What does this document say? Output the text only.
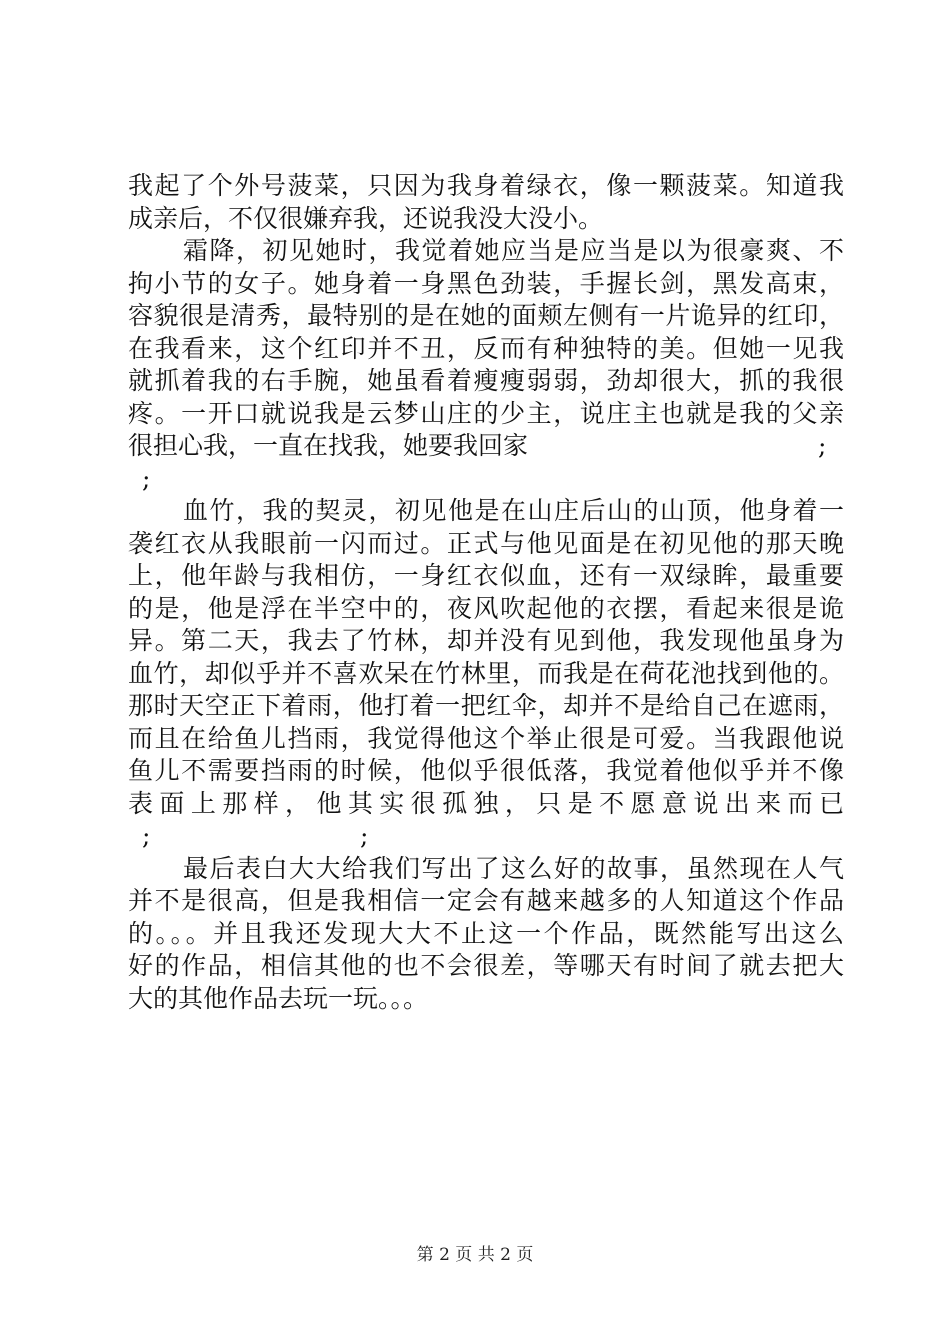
我起了个外号菠菜，只因为我身着绿衣，像一颗菠菜。知道我
成亲后，不仅很嫌弃我，还说我没大没小。
霜降，初见她时，我觉着她应当是应当是以为很豪爽、不
拘小节的女子。她身着一身黑色劲装，手握长剑，黑发高束，
容貌很是清秀，最特别的是在她的面颊左侧有一片诡异的红印，
在我看来，这个红印并不丑，反而有种独特的美。但她一见我
就抓着我的右手腕，她虽看着瘦瘦弱弱，劲却很大，抓的我很
疼。一开口就说我是云梦山庄的少主，说庄主也就是我的父亲
很担心我，一直在找我，她要我回家	;
;
血竹，我的契灵，初见他是在山庄后山的山顶，他身着一
袭红衣从我眼前一闪而过。正式与他见面是在初见他的那天晚
上，他年龄与我相仿，一身红衣似血，还有一双绿眸，最重要
的是，他是浮在半空中的，夜风吹起他的衣摆，看起来很是诡
异。第二天，我去了竹林，却并没有见到他，我发现他虽身为
血竹，却似乎并不喜欢呆在竹林里，而我是在荷花池找到他的。
那时天空正下着雨，他打着一把红伞，却并不是给自己在遮雨，
而且在给鱼儿挡雨，我觉得他这个举止很是可爱。当我跟他说
鱼儿不需要挡雨的时候，他似乎很低落，我觉着他似乎并不像
表面上那样，他其实很孤独，只是不愿意说出来而已
;	;
最后表白大大给我们写出了这么好的故事，虽然现在人气
并不是很高，但是我相信一定会有越来越多的人知道这个作品
的。。。并且我还发现大大不止这一个作品，既然能写出这么
好的作品，相信其他的也不会很差，等哪天有时间了就去把大
大的其他作品去玩一玩。。。
第 2 页 共 2 页
